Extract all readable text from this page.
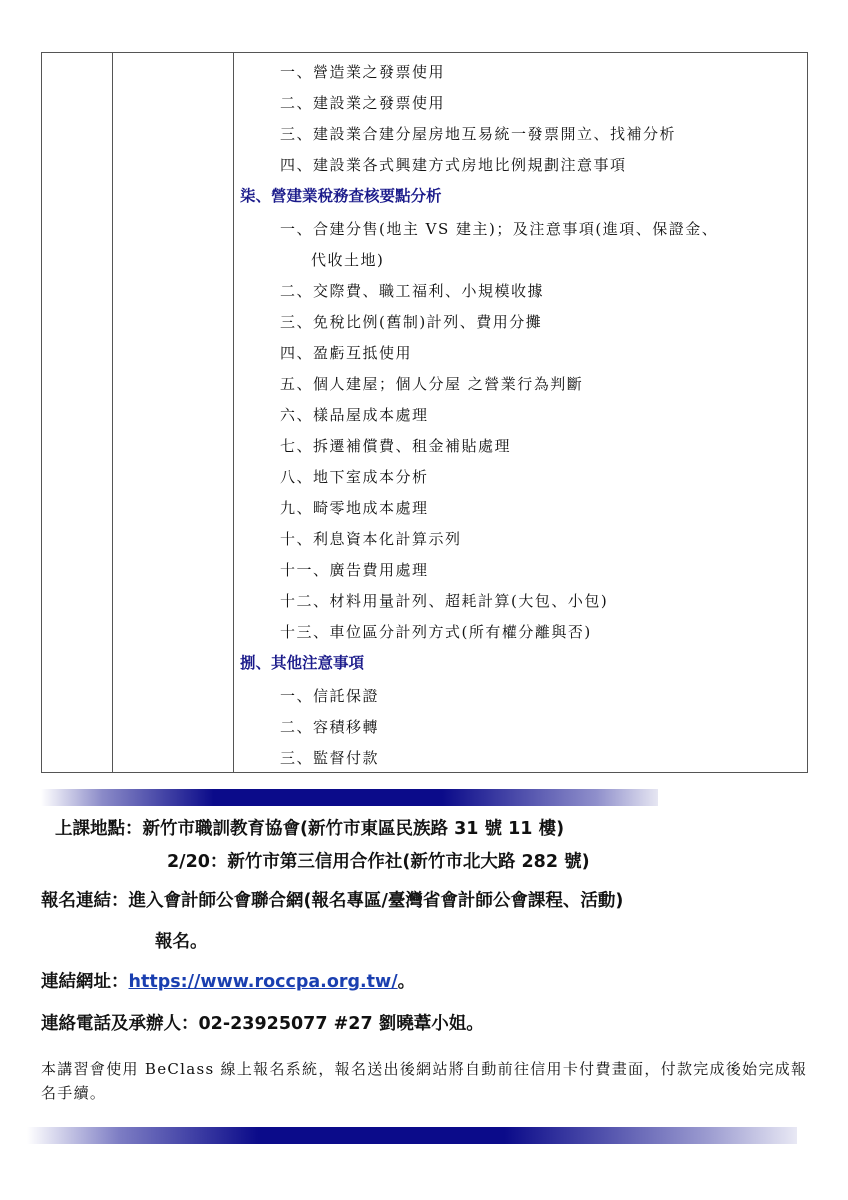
一、營造業之發票使用
二、建設業之發票使用
三、建設業合建分屋房地互易統一發票開立、找補分析
四、建設業各式興建方式房地比例規劃注意事項
柒、營建業稅務查核要點分析
一、合建分售(地主 VS 建主)；及注意事項(進項、保證金、
代收土地)
二、交際費、職工福利、小規模收據
三、免稅比例(舊制)計列、費用分攤
四、盈虧互抵使用
五、個人建屋；個人分屋 之營業行為判斷
六、樣品屋成本處理
七、拆遷補償費、租金補貼處理
八、地下室成本分析
九、畸零地成本處理
十、利息資本化計算示列
十一、廣告費用處理
十二、材料用量計列、超耗計算(大包、小包)
十三、車位區分計列方式(所有權分離與否)
捌、其他注意事項
一、信託保證
二、容積移轉
三、監督付款
上課地點：新竹市職訓教育協會(新竹市東區民族路 31 號 11 樓)
2/20：新竹市第三信用合作社(新竹市北大路 282 號)
報名連結：進入會計師公會聯合網(報名專區/臺灣省會計師公會課程、活動)
報名。
連結網址：https://www.roccpa.org.tw/。
連絡電話及承辦人：02-23925077 #27 劉曉葦小姐。
本講習會使用 BeClass 線上報名系統，報名送出後網站將自動前往信用卡付費畫面，付款完成後始完成報名手續。
